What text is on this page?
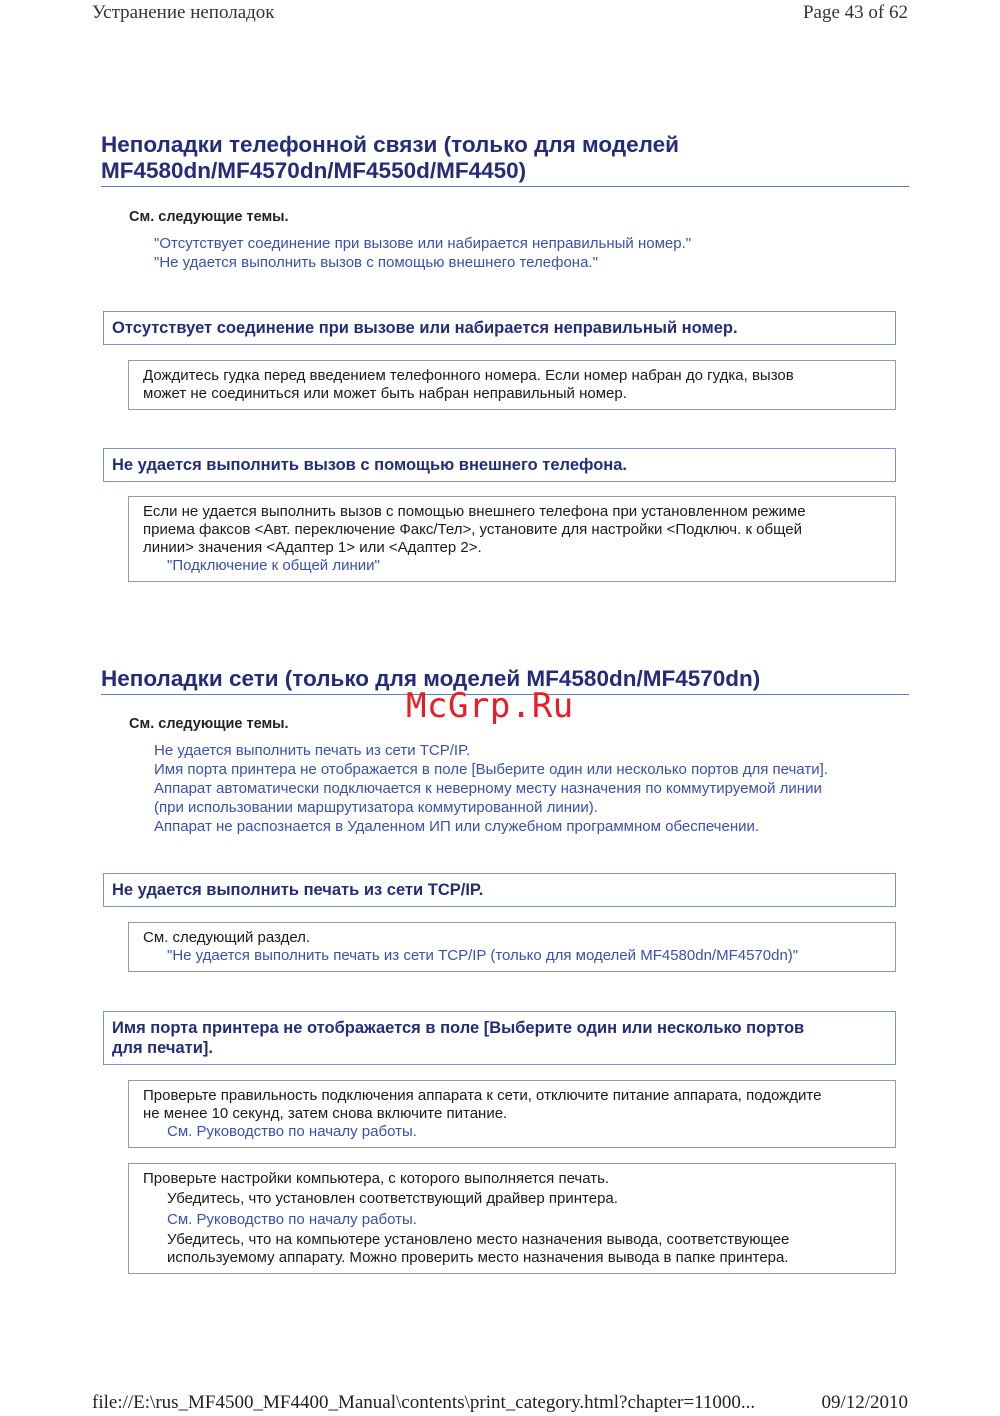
Устранение неполадок	Page 43 of 62
Неполадки телефонной связи (только для моделей
MF4580dn/MF4570dn/MF4550d/MF4450)
См. следующие темы.
"Отсутствует соединение при вызове или набирается неправильный номер."
"Не удается выполнить вызов с помощью внешнего телефона."
Отсутствует соединение при вызове или набирается неправильный номер.
Дождитесь гудка перед введением телефонного номера. Если номер набран до гудка, вызов
может не соединиться или может быть набран неправильный номер.
Не удается выполнить вызов с помощью внешнего телефона.
Если не удается выполнить вызов с помощью внешнего телефона при установленном режиме
приема факсов <Авт. переключение Факс/Тел>, установите для настройки <Подключ. к общей
линии> значения <Адаптер 1> или <Адаптер 2>.
"Подключение к общей линии"
Неполадки сети (только для моделей MF4580dn/MF4570dn)
McGrp.Ru
См. следующие темы.
Не удается выполнить печать из сети TCP/IP.
Имя порта принтера не отображается в поле [Выберите один или несколько портов для печати].
Аппарат автоматически подключается к неверному месту назначения по коммутируемой линии
(при использовании маршрутизатора коммутированной линии).
Аппарат не распознается в Удаленном ИП или служебном программном обеспечении.
Не удается выполнить печать из сети TCP/IP.
См. следующий раздел.
"Не удается выполнить печать из сети TCP/IP (только для моделей MF4580dn/MF4570dn)"
Имя порта принтера не отображается в поле [Выберите один или несколько портов
для печати].
Проверьте правильность подключения аппарата к сети, отключите питание аппарата, подождите
не менее 10 секунд, затем снова включите питание.
См. Руководство по началу работы.
Проверьте настройки компьютера, с которого выполняется печать.
Убедитесь, что установлен соответствующий драйвер принтера.
См. Руководство по началу работы.
Убедитесь, что на компьютере установлено место назначения вывода, соответствующее
используемому аппарату. Можно проверить место назначения вывода в папке принтера.
file://E:\rus_MF4500_MF4400_Manual\contents\print_category.html?chapter=11000...	09/12/2010
